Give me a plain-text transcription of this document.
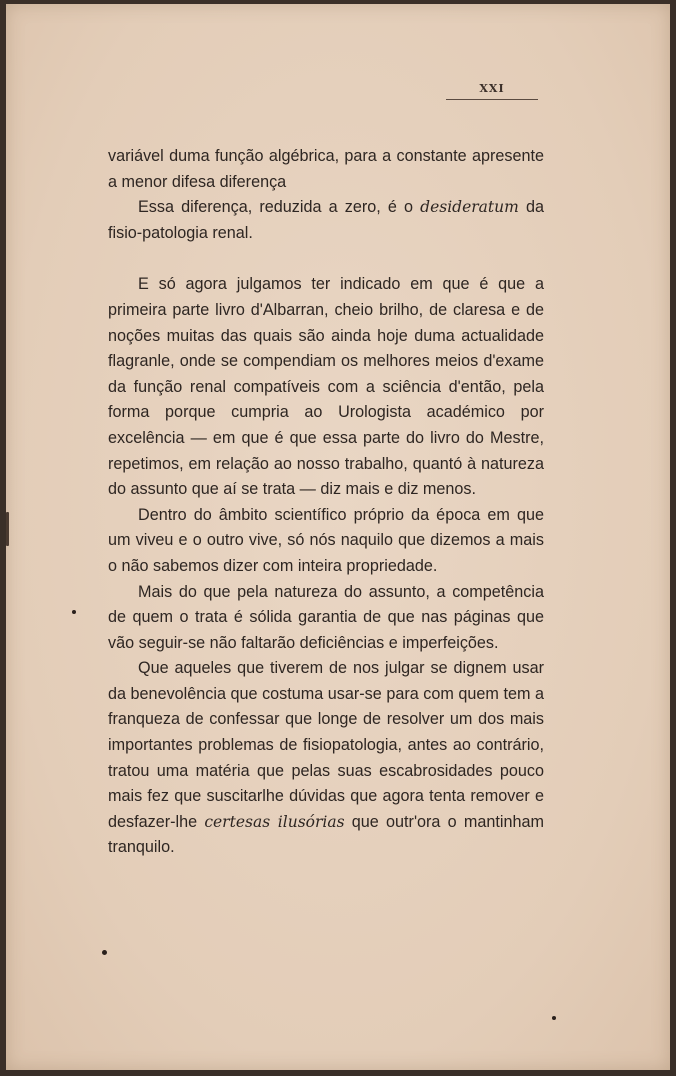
XXI

variável duma função algébrica, para a constante apresente a menor difesa diferença

Essa diferença, reduzida a zero, é o desideratum da fisio-patologia renal.

E só agora julgamos ter indicado em que é que a primeira parte livro d'Albarran, cheio brilho, de claresa e de noções muitas das quais são ainda hoje duma actualidade flagranle, onde se compendiam os melhores meios d'exame da função renal compatíveis com a sciência d'então, pela forma porque cumpria ao Urologista académico por excelência — em que é que essa parte do livro do Mestre, repetimos, em relação ao nosso trabalho, quantó à natureza do assunto que aí se trata — diz mais e diz menos.

Dentro do âmbito scientífico próprio da época em que um viveu e o outro vive, só nós naquilo que dizemos a mais o não sabemos dizer com inteira propriedade.

Mais do que pela natureza do assunto, a competência de quem o trata é sólida garantia de que nas páginas que vão seguir-se não faltarão deficiências e imperfeições.

Que aqueles que tiverem de nos julgar se dignem usar da benevolência que costuma usar-se para com quem tem a franqueza de confessar que longe de resolver um dos mais importantes problemas de fisiopatologia, antes ao contrário, tratou uma matéria que pelas suas escabrosidades pouco mais fez que suscitarlhe dúvidas que agora tenta remover e desfazer-lhe certesas ilusórias que outr'ora o mantinham tranquilo.
